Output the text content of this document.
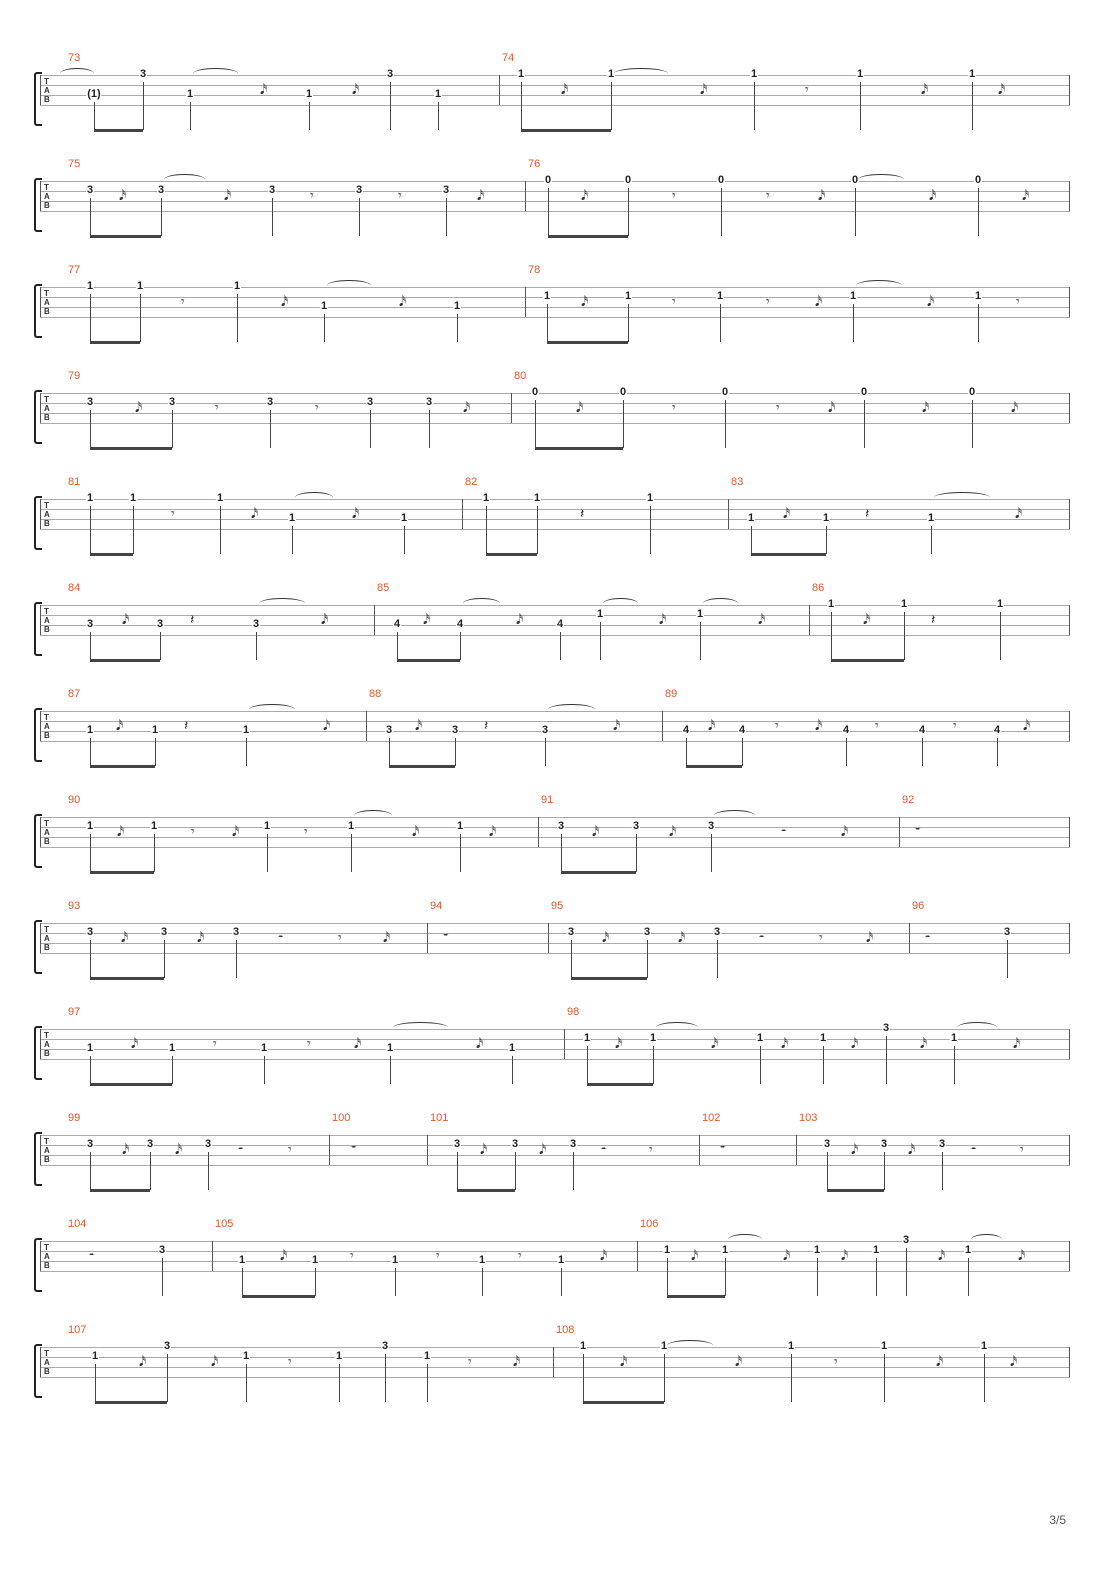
T
A
B
73
(1)
3
1	1
3
1
𝅘𝅥𝅯	𝅘𝅥𝅯
74
1	1	1	1	1
𝅘𝅥𝅯	𝅘𝅥𝅯	𝄾	𝅘𝅥𝅯	𝅘𝅥𝅯
T
A
B
75
3	3	3	3	3
𝅘𝅥𝅯	𝅘𝅥𝅯	𝄾	𝄾	𝅘𝅥𝅯
76
0	0	0	0	0
𝅘𝅥𝅯	𝄾	𝄾	𝅘𝅥𝅯	𝅘𝅥𝅯	𝅘𝅥𝅯
T
A
B
77
1	1	1
1	1
𝄾	𝅘𝅥𝅯	𝅘𝅥𝅯
78
1	1	1	1	1
𝅘𝅥𝅯	𝄾	𝄾	𝅘𝅥𝅯	𝅘𝅥𝅯	𝄾
T
A
B
79
3	3	3	3	3
𝅘𝅥𝅯	𝄾	𝄾	𝅘𝅥𝅯
80
0	0	0	0	0
𝅘𝅥𝅯	𝄾	𝄾	𝅘𝅥𝅯	𝅘𝅥𝅯	𝅘𝅥𝅯
T
A
B
81
1	1	1
1	1
𝄾	𝅘𝅥𝅯	𝅘𝅥𝅯
82
1	1	1
𝄽
83
1	1	1
𝅘𝅥𝅯	𝄽	𝅘𝅥𝅯
T
A
B
84
3	3	3
𝅘𝅥𝅯	𝄽	𝅘𝅥𝅯
85
4	4	4
1	1
𝅘𝅥𝅯	𝅘𝅥𝅯	𝅘𝅥𝅯	𝅘𝅥𝅯
86
1	1	1
𝅘𝅥𝅯	𝄽
T
A
B
87
1	1	1
𝅘𝅥𝅯	𝄽	𝅘𝅥𝅯
88
3	3	3
𝅘𝅥𝅯	𝄽	𝅘𝅥𝅯
89
4	4	4	4	4
𝅘𝅥𝅯	𝄾	𝅘𝅥𝅯	𝄾	𝄾	𝅘𝅥𝅯
T
A
B
90
1	1	1	1	1
𝅘𝅥𝅯	𝄾	𝅘𝅥𝅯	𝄾	𝅘𝅥𝅯	𝅘𝅥𝅯
91
3	3	3
𝅘𝅥𝅯	𝅘𝅥𝅯	𝄼	𝅘𝅥𝅯
92
𝄻
T
A
B
93
3	3	3
𝅘𝅥𝅯	𝅘𝅥𝅯	𝄼	𝄾	𝅘𝅥𝅯
94
𝄻
95
3	3	3
𝅘𝅥𝅯	𝅘𝅥𝅯	𝄼	𝄾	𝅘𝅥𝅯
96
3
𝄼
T
A
B
97
1	1	1	1	1
𝅘𝅥𝅯	𝄾	𝄾	𝅘𝅥𝅯	𝅘𝅥𝅯
98
1	1	1	1
3
1
𝅘𝅥𝅯	𝅘𝅥𝅯	𝅘𝅥𝅯	𝅘𝅥𝅯	𝅘𝅥𝅯	𝅘𝅥𝅯
T
A
B
99
3	3	3
𝅘𝅥𝅯	𝅘𝅥𝅯	𝄼	𝄾
100
𝄻
101
3	3	3
𝅘𝅥𝅯	𝅘𝅥𝅯	𝄼	𝄾
102
𝄻
103
3	3	3
𝅘𝅥𝅯	𝅘𝅥𝅯	𝄼	𝄾
T
A
B
104
3
𝄼
105
1	1	1	1	1
𝅘𝅥𝅯	𝄾	𝄾	𝄾	𝅘𝅥𝅯
106
1	1	1	1
3
1
𝅘𝅥𝅯	𝅘𝅥𝅯	𝅘𝅥𝅯	𝅘𝅥𝅯	𝅘𝅥𝅯
T
A
B
107
1
3
1	1
3
1
𝅘𝅥𝅯	𝅘𝅥𝅯	𝄾	𝄾	𝅘𝅥𝅯
108
1	1	1	1	1
𝅘𝅥𝅯	𝅘𝅥𝅯	𝄾	𝅘𝅥𝅯	𝅘𝅥𝅯
3/5
